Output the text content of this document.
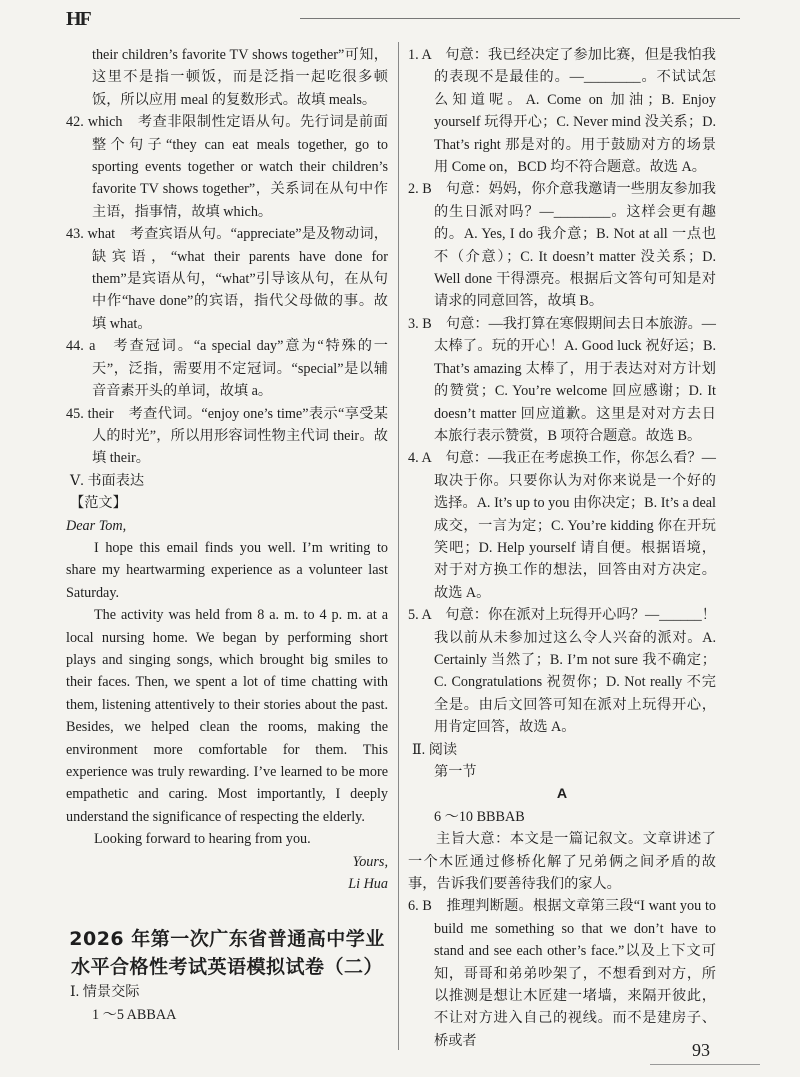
HF

their children’s favorite TV shows together”可知，这里不是指一顿饭，而是泛指一起吃很多顿饭，所以应用 meal 的复数形式。故填 meals。

42. which　考查非限制性定语从句。先行词是前面整个句子“they can eat meals together, go to sporting events together or watch their children’s favorite TV shows together”，关系词在从句中作主语，指事情，故填 which。

43. what　考查宾语从句。“appreciate”是及物动词，缺宾语，“what their parents have done for them”是宾语从句，“what”引导该从句，在从句中作“have done”的宾语，指代父母做的事。故填 what。

44. a　考查冠词。“a special day”意为“特殊的一天”，泛指，需要用不定冠词。“special”是以辅音音素开头的单词，故填 a。

45. their　考查代词。“enjoy one’s time”表示“享受某人的时光”，所以用形容词性物主代词 their。故填 their。

Ⅴ. 书面表达

【范文】

Dear Tom,

I hope this email finds you well. I’m writing to share my heartwarming experience as a volunteer last Saturday.

The activity was held from 8 a. m. to 4 p. m. at a local nursing home. We began by performing short plays and singing songs, which brought big smiles to their faces. Then, we spent a lot of time chatting with them, listening attentively to their stories about the past. Besides, we helped clean the rooms, making the environment more comfortable for them. This experience was truly rewarding. I’ve learned to be more empathetic and caring. Most importantly, I deeply understand the significance of respecting the elderly.

Looking forward to hearing from you.

Yours,

Li Hua

2026 年第一次广东省普通高中学业水平合格性考试英语模拟试卷（二）

Ⅰ. 情景交际

1 ～5 ABBAA

1. A　句意：我已经决定了参加比赛，但是我怕我的表现不是最佳的。—________。不试试怎么知道呢。A. Come on 加油；B. Enjoy yourself 玩得开心；C. Never mind 没关系；D. That’s right 那是对的。用于鼓励对方的场景用 Come on，BCD 均不符合题意。故选 A。

2. B　句意：妈妈，你介意我邀请一些朋友参加我的生日派对吗？—________。这样会更有趣的。A. Yes, I do 我介意；B. Not at all 一点也不（介意）；C. It doesn’t matter 没关系；D. Well done 干得漂亮。根据后文答句可知是对请求的同意回答，故填 B。

3. B　句意：—我打算在寒假期间去日本旅游。—太棒了。玩的开心！A. Good luck 祝好运；B. That’s amazing 太棒了，用于表达对对方计划的赞赏；C. You’re welcome 回应感谢；D. It doesn’t matter 回应道歉。这里是对对方去日本旅行表示赞赏，B 项符合题意。故选 B。

4. A　句意：—我正在考虑换工作，你怎么看？—取决于你。只要你认为对你来说是一个好的选择。A. It’s up to you 由你决定；B. It’s a deal 成交，一言为定；C. You’re kidding 你在开玩笑吧；D. Help yourself 请自便。根据语境，对于对方换工作的想法，回答由对方决定。故选 A。

5. A　句意：你在派对上玩得开心吗？—______！我以前从未参加过这么令人兴奋的派对。A. Certainly 当然了；B. I’m not sure 我不确定；C. Congratulations 祝贺你；D. Not really 不完全是。由后文回答可知在派对上玩得开心，用肯定回答，故选 A。

Ⅱ. 阅读

第一节

A

6 ～10 BBBAB

主旨大意：本文是一篇记叙文。文章讲述了一个木匠通过修桥化解了兄弟俩之间矛盾的故事，告诉我们要善待我们的家人。

6. B　推理判断题。根据文章第三段“I want you to build me something so that we don’t have to stand and see each other’s face.”以及上下文可知，哥哥和弟弟吵架了，不想看到对方，所以推测是想让木匠建一堵墙，来隔开彼此，不让对方进入自己的视线。而不是建房子、桥或者	93
